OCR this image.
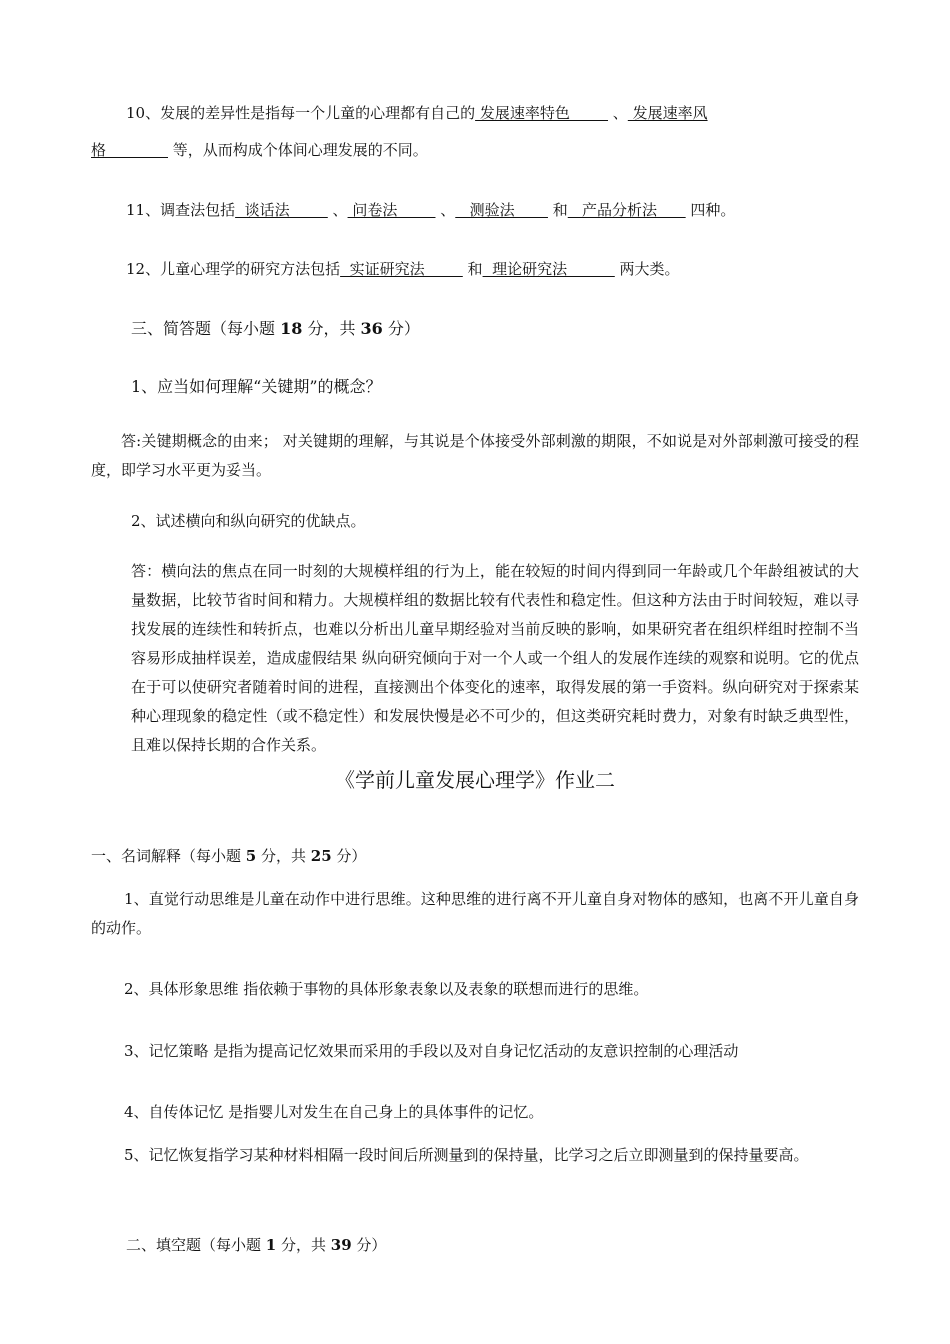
10、发展的差异性是指每一个儿童的心理都有自己的 发展速率特色         、 发展速率风
格              等，从而构成个体间心理发展的不同。
11、调查法包括  谈话法         、 问卷法         、   测验法        和   产品分析法       四种。
12、儿童心理学的研究方法包括  实证研究法         和  理论研究法           两大类。
三、简答题（每小题 18 分，共 36 分）
1、应当如何理解“关键期”的概念？
答:关键期概念的由来； 对关键期的理解，与其说是个体接受外部刺激的期限，不如说是对外部刺激可接受的程度，即学习水平更为妥当。
2、试述横向和纵向研究的优缺点。
答：横向法的焦点在同一时刻的大规模样组的行为上，能在较短的时间内得到同一年龄或几个年龄组被试的大量数据，比较节省时间和精力。大规模样组的数据比较有代表性和稳定性。但这种方法由于时间较短，难以寻找发展的连续性和转折点，也难以分析出儿童早期经验对当前反映的影响，如果研究者在组织样组时控制不当容易形成抽样误差，造成虚假结果 纵向研究倾向于对一个人或一个组人的发展作连续的观察和说明。它的优点在于可以使研究者随着时间的进程，直接测出个体变化的速率，取得发展的第一手资料。纵向研究对于探索某种心理现象的稳定性（或不稳定性）和发展快慢是必不可少的，但这类研究耗时费力，对象有时缺乏典型性，且难以保持长期的合作关系。
《学前儿童发展心理学》作业二
一、名词解释（每小题 5 分，共 25 分）
1、直觉行动思维是儿童在动作中进行思维。这种思维的进行离不开儿童自身对物体的感知，也离不开儿童自身的动作。
2、具体形象思维 指依赖于事物的具体形象表象以及表象的联想而进行的思维。
3、记忆策略 是指为提高记忆效果而采用的手段以及对自身记忆活动的友意识控制的心理活动
4、自传体记忆 是指婴儿对发生在自己身上的具体事件的记忆。
5、记忆恢复指学习某种材料相隔一段时间后所测量到的保持量，比学习之后立即测量到的保持量要高。
二、填空题（每小题 1 分，共 39 分）
